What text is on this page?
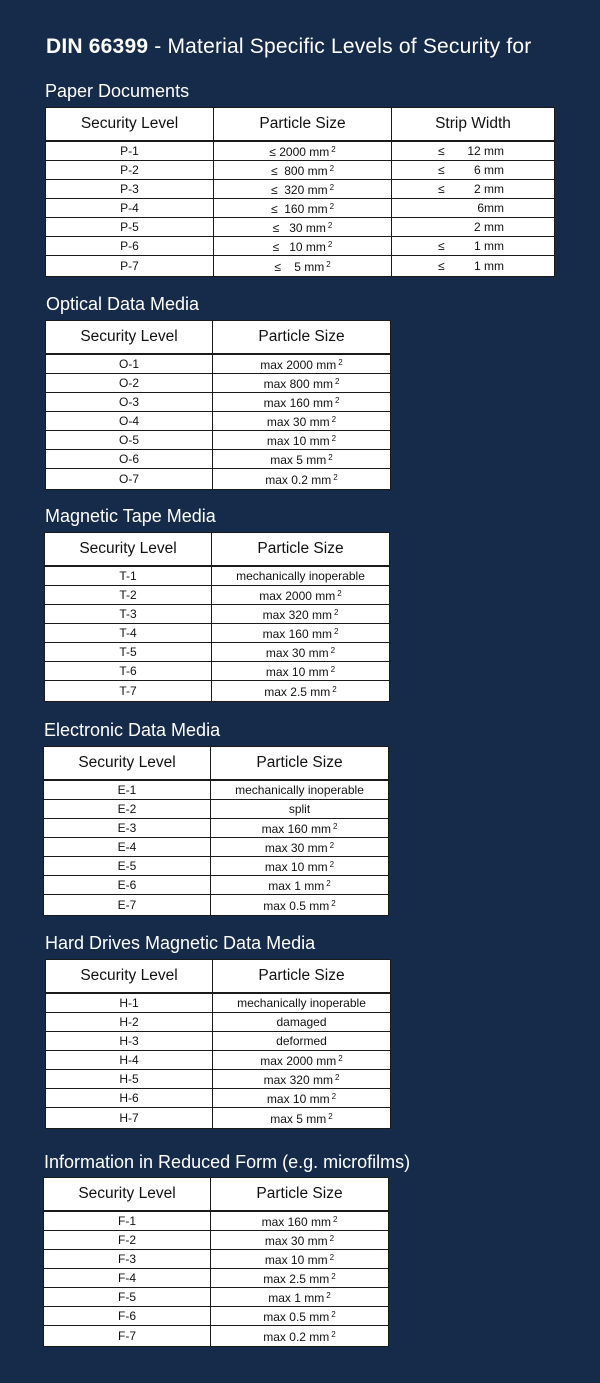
DIN 66399 - Material Specific Levels of Security for
Paper Documents
Security Level	Particle Size	Strip Width
P-1	≤ 2000 mm $^2$	≤ 12 mm
P-2	≤  800 mm $^2$	≤ 6 mm
P-3	≤  320 mm $^2$	≤ 2 mm
P-4	≤  160 mm $^2$	6mm
P-5	≤   30 mm $^2$	2 mm
P-6	≤   10 mm $^2$	≤ 1 mm
P-7	≤    5 mm $^2$	≤ 1 mm
Optical Data Media
Security Level	Particle Size
O-1	max 2000 mm $^2$
O-2	max 800 mm $^2$
O-3	max 160 mm $^2$
O-4	max 30 mm $^2$
O-5	max 10 mm $^2$
O-6	max 5 mm $^2$
O-7	max 0.2 mm $^2$
Magnetic Tape Media
Security Level	Particle Size
T-1	mechanically inoperable
T-2	max 2000 mm $^2$
T-3	max 320 mm $^2$
T-4	max 160 mm $^2$
T-5	max 30 mm $^2$
T-6	max 10 mm $^2$
T-7	max 2.5 mm $^2$
Electronic Data Media
Security Level	Particle Size
E-1	mechanically inoperable
E-2	split
E-3	max 160 mm $^2$
E-4	max 30 mm $^2$
E-5	max 10 mm $^2$
E-6	max 1 mm $^2$
E-7	max 0.5 mm $^2$
Hard Drives Magnetic Data Media
Security Level	Particle Size
H-1	mechanically inoperable
H-2	damaged
H-3	deformed
H-4	max 2000 mm $^2$
H-5	max 320 mm $^2$
H-6	max 10 mm $^2$
H-7	max 5 mm $^2$
Information in Reduced Form (e.g. microfilms)
Security Level	Particle Size
F-1	max 160 mm $^2$
F-2	max 30 mm $^2$
F-3	max 10 mm $^2$
F-4	max 2.5 mm $^2$
F-5	max 1 mm $^2$
F-6	max 0.5 mm $^2$
F-7	max 0.2 mm $^2$
